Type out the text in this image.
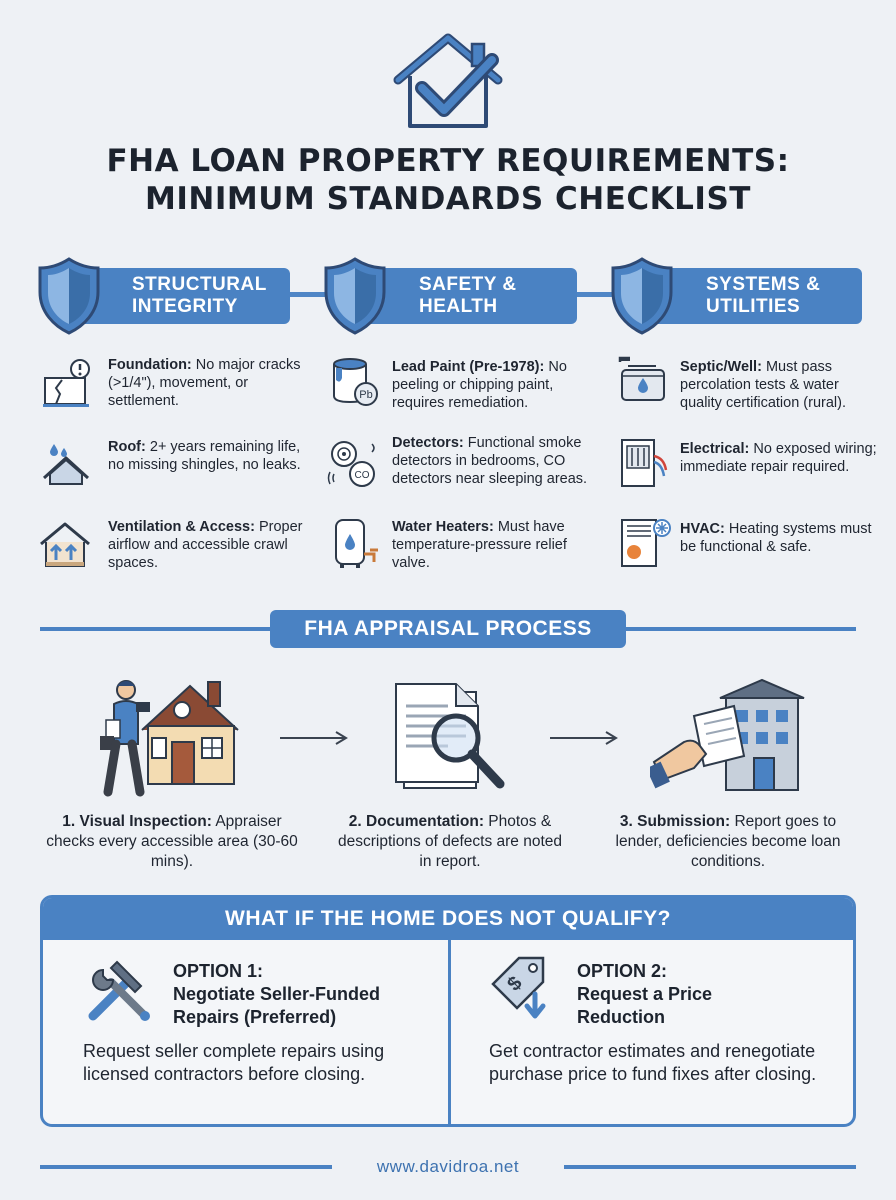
FHA LOAN PROPERTY REQUIREMENTS:
MINIMUM STANDARDS CHECKLIST
STRUCTURAL
INTEGRITY
SAFETY &
HEALTH
SYSTEMS &
UTILITIES
Foundation: No major cracks (>1/4"), movement, or settlement.
Roof: 2+ years remaining life, no missing shingles, no leaks.
Ventilation & Access: Proper airflow and accessible crawl spaces.
Pb
Lead Paint (Pre-1978): No peeling or chipping paint, requires remediation.
CO
Detectors: Functional smoke detectors in bedrooms, CO detectors near sleeping areas.
Water Heaters: Must have temperature-pressure relief valve.
Septic/Well: Must pass percolation tests & water quality certification (rural).
Electrical: No exposed wiring; immediate repair required.
HVAC: Heating systems must be functional & safe.
FHA APPRAISAL PROCESS
1. Visual Inspection: Appraiser checks every accessible area (30-60 mins).
2. Documentation: Photos & descriptions of defects are noted in report.
3. Submission: Report goes to lender, deficiencies become loan conditions.
WHAT IF THE HOME DOES NOT QUALIFY?
OPTION 1:
Negotiate Seller-Funded
Repairs (Preferred)
Request seller complete repairs using licensed contractors before closing.
$
OPTION 2:
Request a Price
Reduction
Get contractor estimates and renegotiate purchase price to fund fixes after closing.
www.davidroa.net
